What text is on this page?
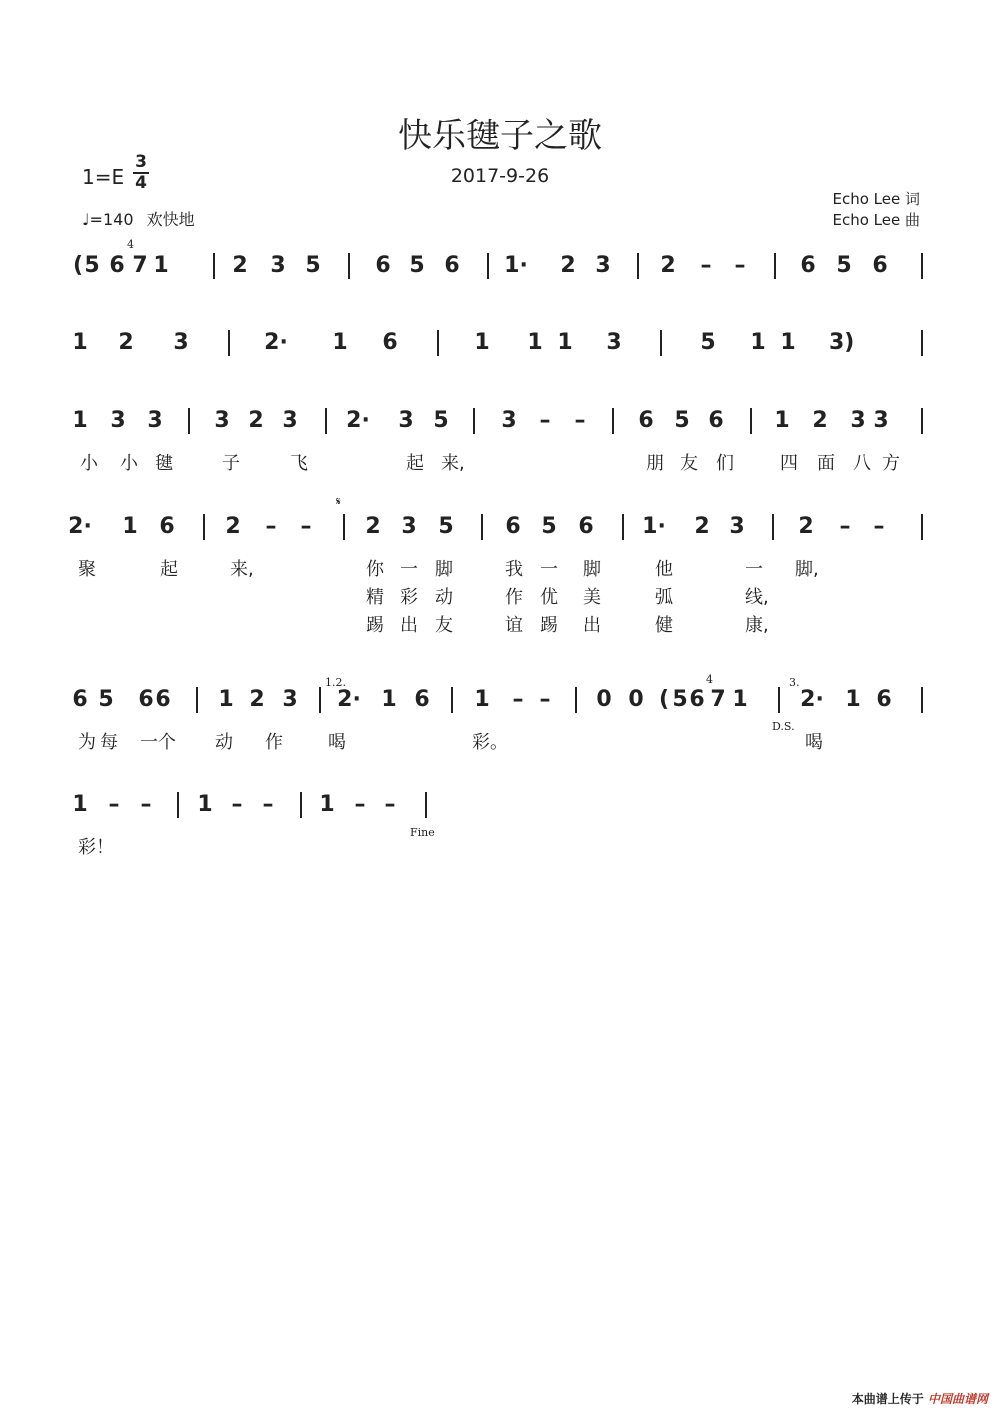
快乐毽子之歌
2017-9-26
1=E
3
4
♩=140 欢快地
Echo Lee 词
Echo Lee 曲
( 5 6 7 1	2 3 5 6 5 6 1· 2 3 2 – – 6 5 6
1 2 3	2· 1 6	1 1 1 3	5 1 1 3)
1 3 3 3 2 3 2· 3 5 3 – – 6 5 6 1 2 3 3
小 小 毽	子	飞	起 来,	朋 友 们	四 面 八 方
2· 1 6 2 – – 2 3 5 6 5 6 1· 2 3 2 – –
聚	起	来,	你 一 脚	我 一 脚	他	一 脚,
精 彩 动	作 优 美	弧	线,
踢 出 友	谊 踢 出	健	康,
6 5 6 6 1 2 3 2· 1 6 1 – – 0 0 ( 5 6 7 1 2· 1 6
为 每 一个 动 作	喝	彩。	喝
1 – – 1 – – 1 – –
彩！
𝄋
D.S.
Fine
1.2.	3.
4
4
本曲谱上传于 中国曲谱网
